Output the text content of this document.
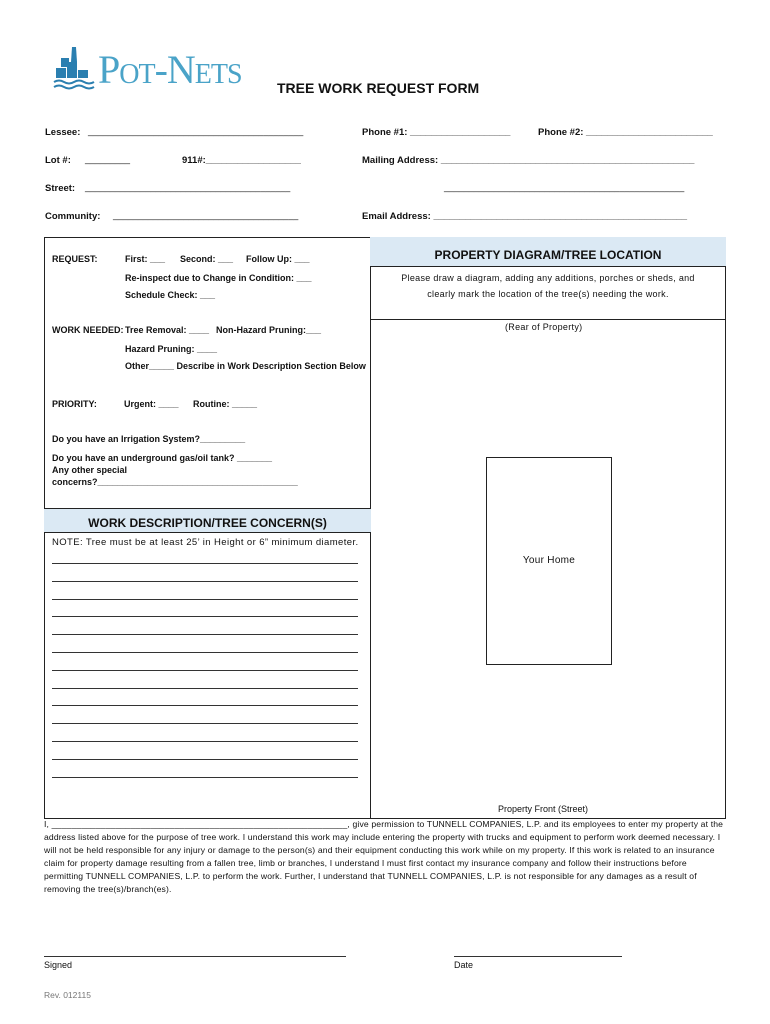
Pot-Nets	TREE WORK REQUEST FORM
Lessee: ___________________________________________
Lot #: _________	911#:__________________
Street: _________________________________________
Community: _____________________________________
Phone #1: ___________________	Phone #2: ________________________
Mailing Address: ________________________________________________
________________________________________________
Email Address: ________________________________________________
REQUEST:	First: ___ Second: ___ Follow Up: ___
Re-inspect due to Change in Condition: ___
Schedule Check: ___
WORK NEEDED: Tree Removal: ____ Non-Hazard Pruning:___
Hazard Pruning: ____
Other_____ Describe in Work Description Section Below
PRIORITY:	Urgent: ____ Routine: _____
Do you have an Irrigation System?_________
Do you have an underground gas/oil tank? _______
Any other special
concerns?________________________________________
WORK DESCRIPTION/TREE CONCERN(S)
NOTE: Tree must be at least 25’ in Height or 6” minimum diameter.
PROPERTY DIAGRAM/TREE LOCATION
Please draw a diagram, adding any additions, porches or sheds, and
clearly mark the location of the tree(s) needing the work.
(Rear of Property)
Your Home
Property Front (Street)
I, ____________________________________________________________, give permission to TUNNELL COMPANIES, L.P. and its employees to enter my property at the address listed above for the purpose of tree work. I understand this work may include entering the property with trucks and equipment to perform work deemed necessary. I will not be held responsible for any injury or damage to the person(s) and their equipment conducting this work while on my property. If this work is related to an insurance claim for property damage resulting from a fallen tree, limb or branches, I understand I must first contact my insurance company and follow their instructions before permitting TUNNELL COMPANIES, L.P. to perform the work. Further, I understand that TUNNELL COMPANIES, L.P. is not responsible for any damages as a result of removing the tree(s)/branch(es).
Signed	Date
Rev. 012115
